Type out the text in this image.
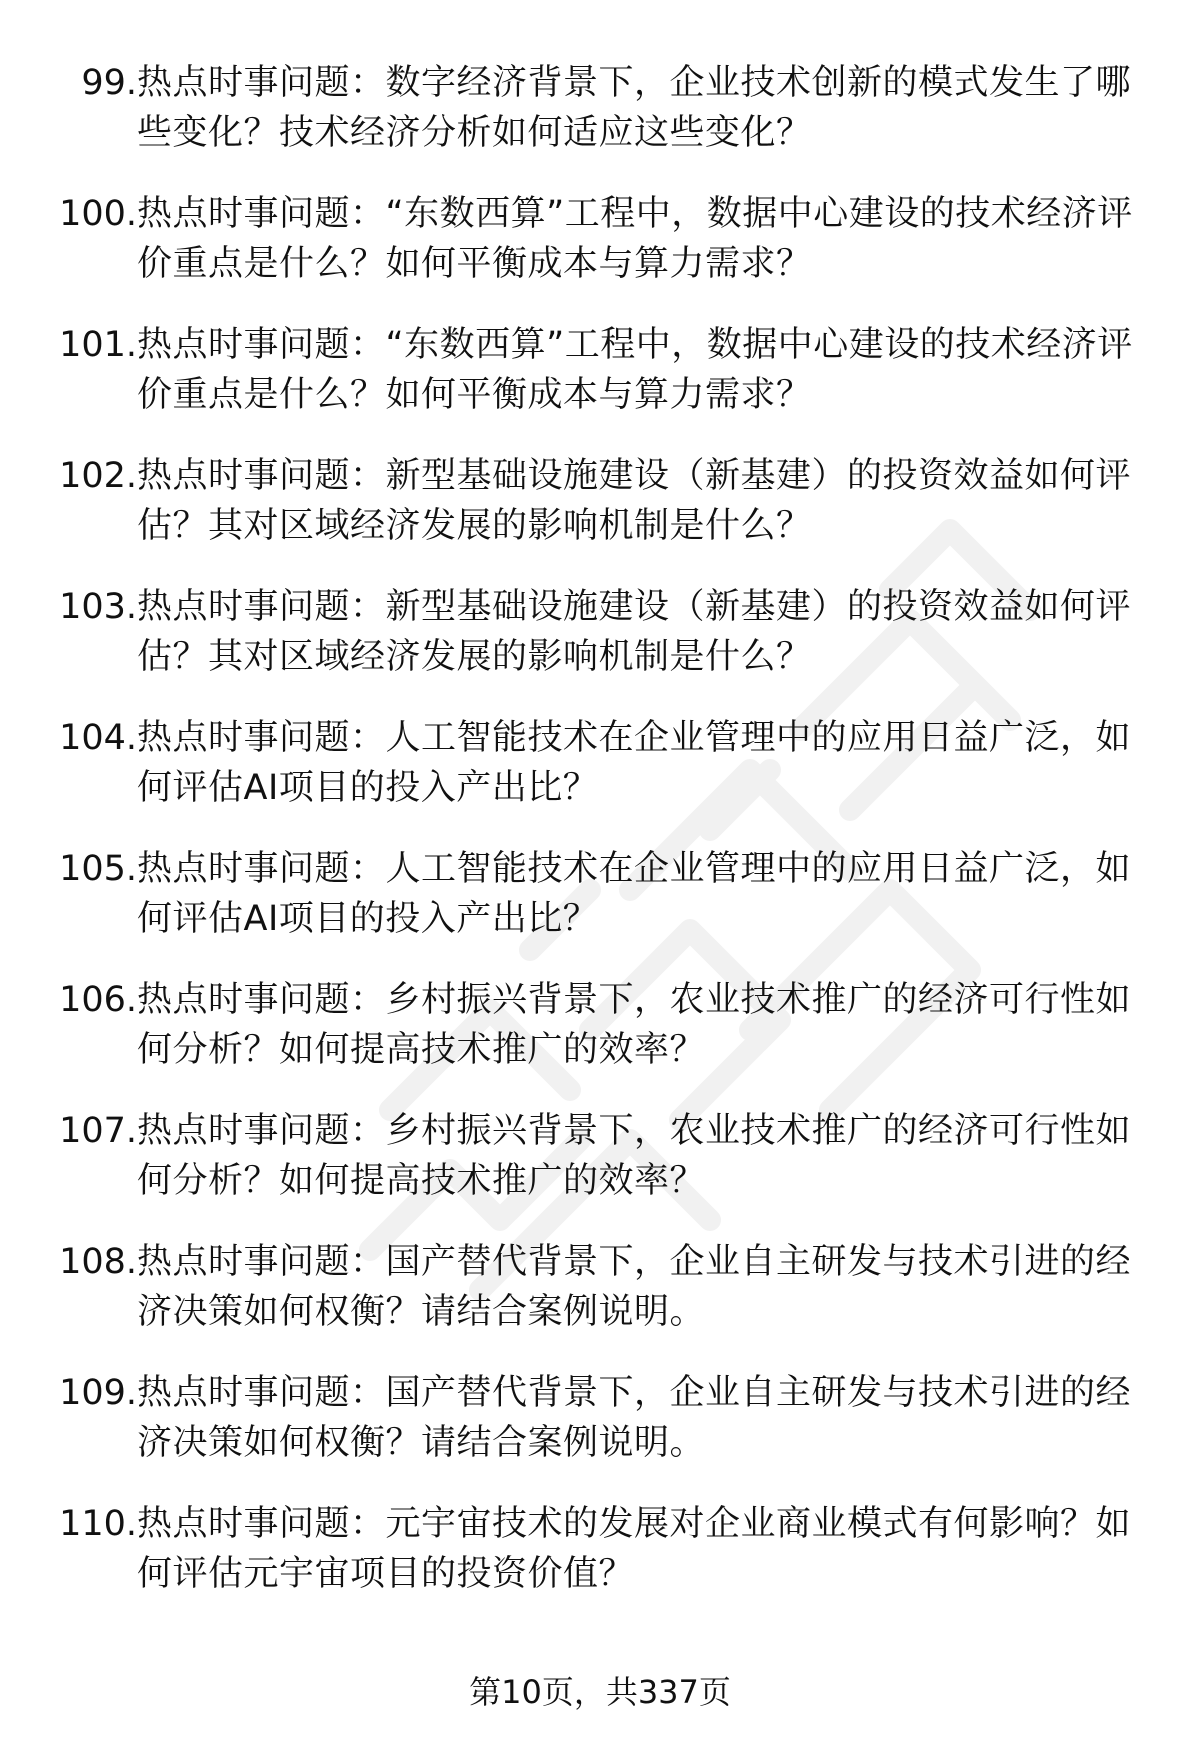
99. 热点时事问题：数字经济背景下，企业技术创新的模式发生了哪些变化？技术经济分析如何适应这些变化？
100. 热点时事问题：“东数西算”工程中，数据中心建设的技术经济评价重点是什么？如何平衡成本与算力需求？
101. 热点时事问题：“东数西算”工程中，数据中心建设的技术经济评价重点是什么？如何平衡成本与算力需求？
102. 热点时事问题：新型基础设施建设（新基建）的投资效益如何评估？其对区域经济发展的影响机制是什么？
103. 热点时事问题：新型基础设施建设（新基建）的投资效益如何评估？其对区域经济发展的影响机制是什么？
104. 热点时事问题：人工智能技术在企业管理中的应用日益广泛，如何评估AI项目的投入产出比？
105. 热点时事问题：人工智能技术在企业管理中的应用日益广泛，如何评估AI项目的投入产出比？
106. 热点时事问题：乡村振兴背景下，农业技术推广的经济可行性如何分析？如何提高技术推广的效率？
107. 热点时事问题：乡村振兴背景下，农业技术推广的经济可行性如何分析？如何提高技术推广的效率？
108. 热点时事问题：国产替代背景下，企业自主研发与技术引进的经济决策如何权衡？请结合案例说明。
109. 热点时事问题：国产替代背景下，企业自主研发与技术引进的经济决策如何权衡？请结合案例说明。
110. 热点时事问题：元宇宙技术的发展对企业商业模式有何影响？如何评估元宇宙项目的投资价值？
第10页，共337页
